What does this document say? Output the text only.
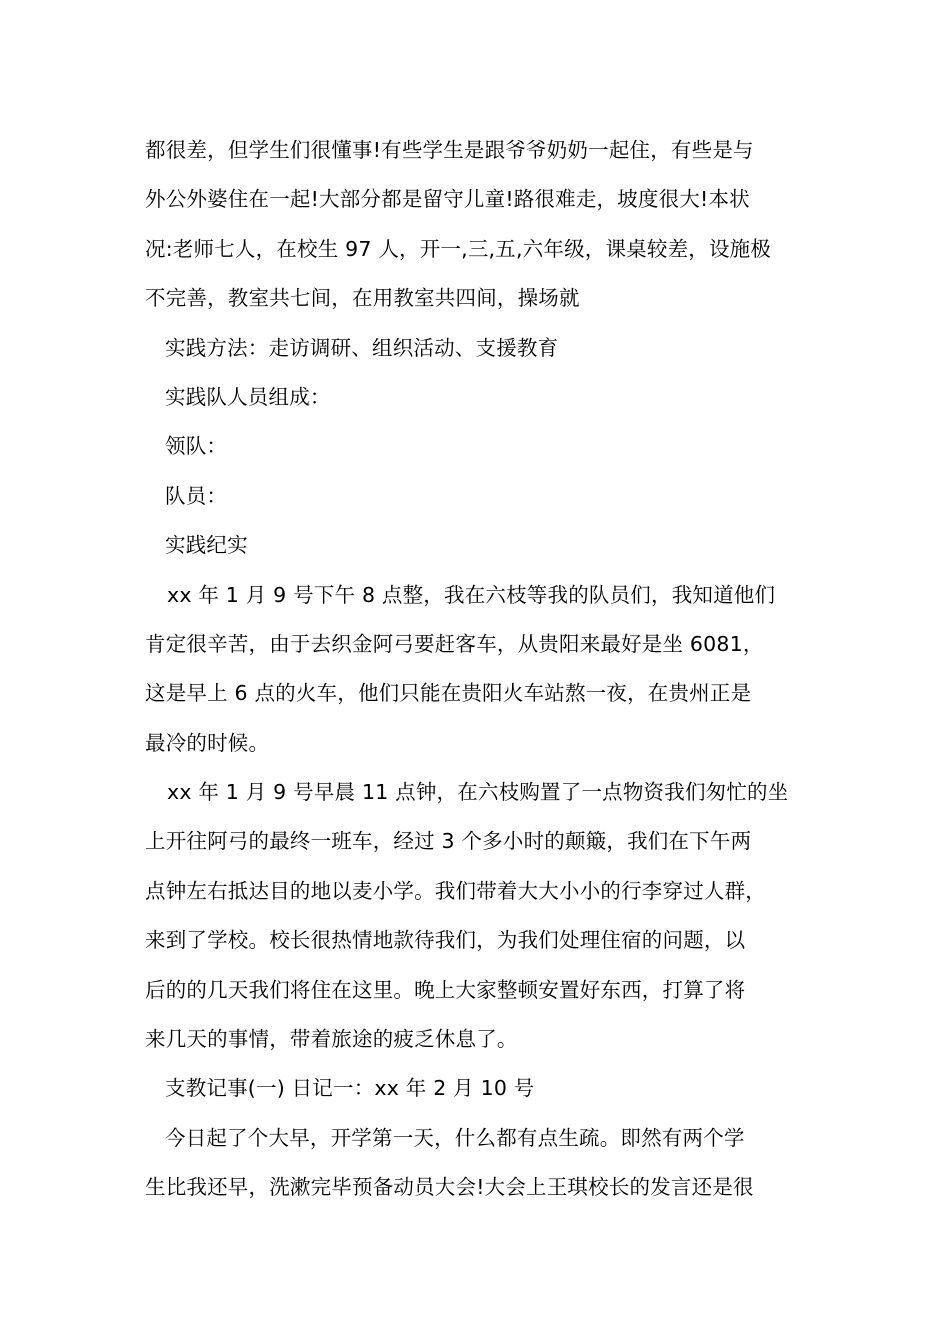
都很差，但学生们很懂事!有些学生是跟爷爷奶奶一起住，有些是与
外公外婆住在一起!大部分都是留守儿童!路很难走，坡度很大!本状
况:老师七人，在校生 97 人，开一,三,五,六年级，课桌较差，设施极
不完善，教室共七间，在用教室共四间，操场就
实践方法：走访调研、组织活动、支援教育
实践队人员组成：
领队：
队员：
实践纪实
xx 年 1 月 9 号下午 8 点整，我在六枝等我的队员们，我知道他们
肯定很辛苦，由于去织金阿弓要赶客车，从贵阳来最好是坐 6081，
这是早上 6 点的火车，他们只能在贵阳火车站熬一夜，在贵州正是
最冷的时候。
xx 年 1 月 9 号早晨 11 点钟，在六枝购置了一点物资我们匆忙的坐
上开往阿弓的最终一班车，经过 3 个多小时的颠簸，我们在下午两
点钟左右抵达目的地以麦小学。我们带着大大小小的行李穿过人群，
来到了学校。校长很热情地款待我们，为我们处理住宿的问题，以
后的的几天我们将住在这里。晚上大家整顿安置好东西，打算了将
来几天的事情，带着旅途的疲乏休息了。
支教记事(一) 日记一：xx 年 2 月 10 号
今日起了个大早，开学第一天，什么都有点生疏。即然有两个学
生比我还早，洗漱完毕预备动员大会!大会上王琪校长的发言还是很
